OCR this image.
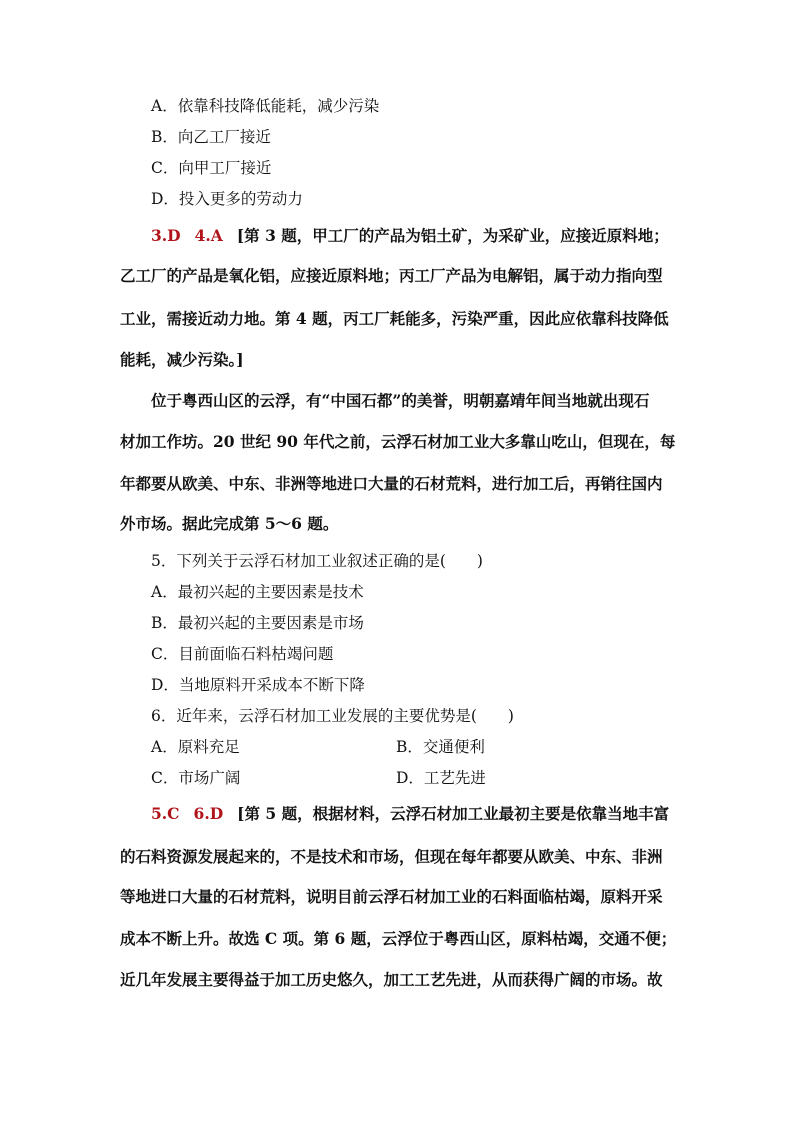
A．依靠科技降低能耗，减少污染
B．向乙工厂接近
C．向甲工厂接近
D．投入更多的劳动力
3.D 4.A [第 3 题，甲工厂的产品为铝土矿，为采矿业，应接近原料地；
乙工厂的产品是氧化铝，应接近原料地；丙工厂产品为电解铝，属于动力指向型
工业，需接近动力地。第 4 题，丙工厂耗能多，污染严重，因此应依靠科技降低
能耗，减少污染。]
位于粤西山区的云浮，有“中国石都”的美誉，明朝嘉靖年间当地就出现石
材加工作坊。20 世纪 90 年代之前，云浮石材加工业大多靠山吃山，但现在，每
年都要从欧美、中东、非洲等地进口大量的石材荒料，进行加工后，再销往国内
外市场。据此完成第 5～6 题。
5．下列关于云浮石材加工业叙述正确的是(　　)
A．最初兴起的主要因素是技术
B．最初兴起的主要因素是市场
C．目前面临石料枯竭问题
D．当地原料开采成本不断下降
6．近年来，云浮石材加工业发展的主要优势是(　　)
A．原料充足	B．交通便利
C．市场广阔	D．工艺先进
5.C 6.D [第 5 题，根据材料，云浮石材加工业最初主要是依靠当地丰富
的石料资源发展起来的，不是技术和市场，但现在每年都要从欧美、中东、非洲
等地进口大量的石材荒料，说明目前云浮石材加工业的石料面临枯竭，原料开采
成本不断上升。故选 C 项。第 6 题，云浮位于粤西山区，原料枯竭，交通不便；
近几年发展主要得益于加工历史悠久，加工工艺先进，从而获得广阔的市场。故
